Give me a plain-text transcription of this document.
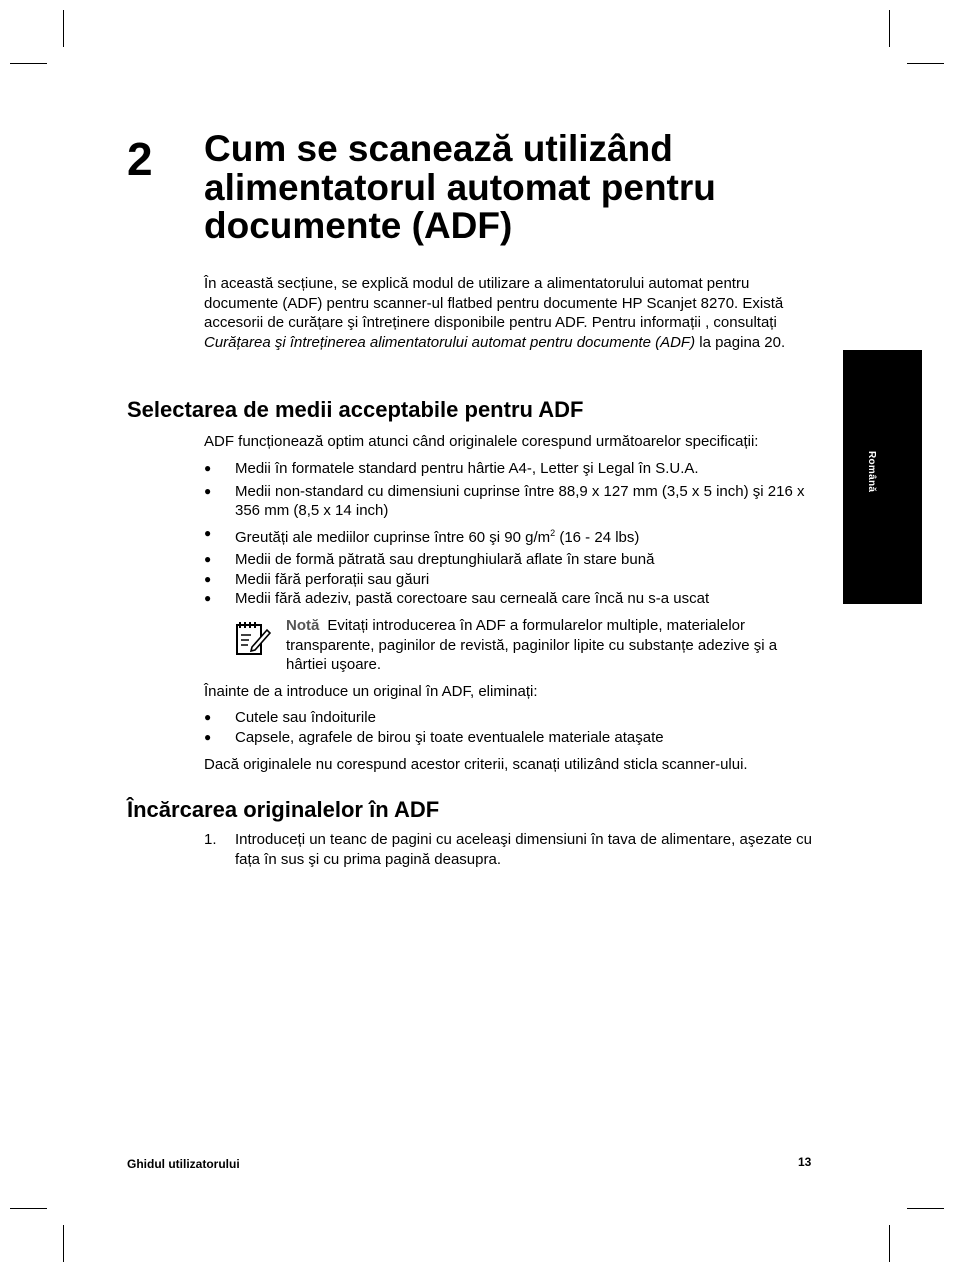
2 Cum se scanează utilizând alimentatorul automat pentru documente (ADF)

În această secțiune, se explică modul de utilizare a alimentatorului automat pentru documente (ADF) pentru scanner-ul flatbed pentru documente HP Scanjet 8270. Există accesorii de curățare şi întreținere disponibile pentru ADF. Pentru informații , consultați Curățarea şi întreținerea alimentatorului automat pentru documente (ADF) la pagina 20.

Selectarea de medii acceptabile pentru ADF

ADF funcționează optim atunci când originalele corespund următoarelor specificații:

●	Medii în formatele standard pentru hârtie A4-, Letter şi Legal în S.U.A.
●	Medii non-standard cu dimensiuni cuprinse între 88,9 x 127 mm (3,5 x 5 inch) şi 216 x 356 mm (8,5 x 14 inch)
●	Greutăți ale mediilor cuprinse între 60 şi 90 $g/m^2$ (16 - 24 lbs)
●	Medii de formă pătrată sau dreptunghiulară aflate în stare bună
●	Medii fără perforații sau găuri
●	Medii fără adeziv, pastă corectoare sau cerneală care încă nu s-a uscat

Notă Evitați introducerea în ADF a formularelor multiple, materialelor transparente, paginilor de revistă, paginilor lipite cu substanțe adezive şi a hârtiei uşoare.

Înainte de a introduce un original în ADF, eliminați:

●	Cutele sau îndoiturile
●	Capsele, agrafele de birou şi toate eventualele materiale ataşate

Dacă originalele nu corespund acestor criterii, scanați utilizând sticla scanner-ului.

Încărcarea originalelor în ADF
1. Introduceți un teanc de pagini cu aceleaşi dimensiuni în tava de alimentare, aşezate cu fața în sus şi cu prima pagină deasupra.
Română
Ghidul utilizatorului	13
